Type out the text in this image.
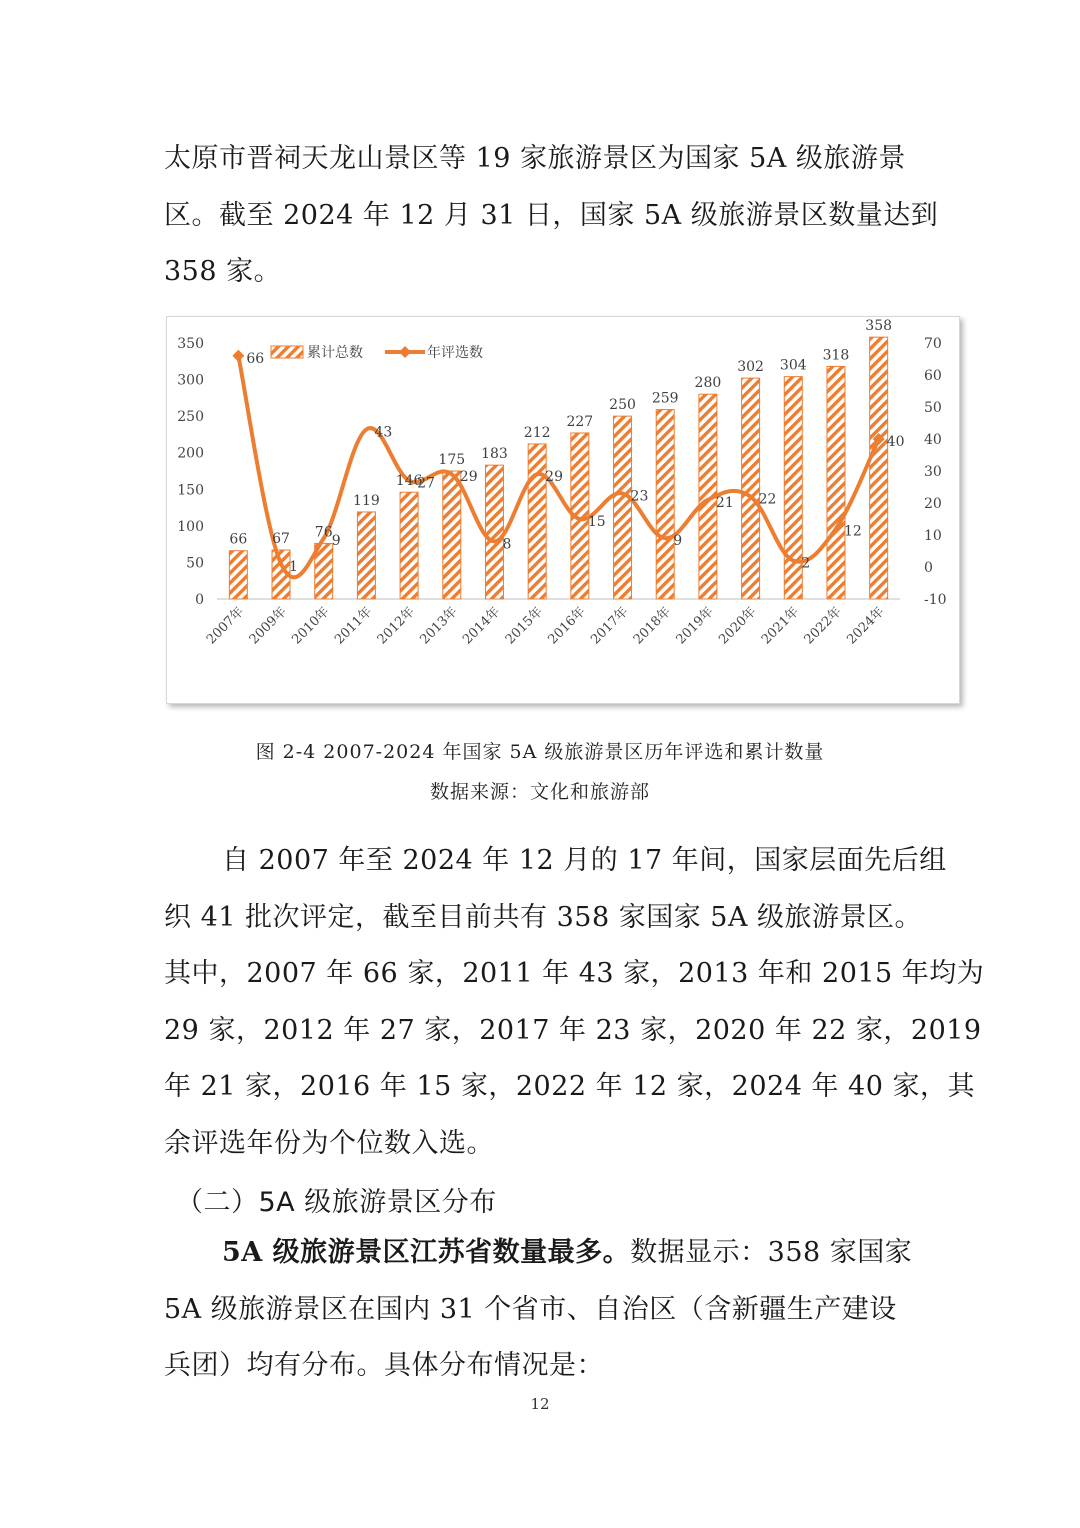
太原市晋祠天龙山景区等 19 家旅游景区为国家 5A 级旅游景
区。截至 2024 年 12 月 31 日，国家 5A 级旅游景区数量达到
358 家。
0
50
100
150
200
250
300
350
-10
0
10
20
30
40
50
60
70
2007年 2009年 2010年 2011年 2012年 2013年 2014年 2015年 2016年 2017年 2018年 2019年 2020年 2021年 2022年 2024年
66 67 76
119
146
175 183
212
227
250 259
280
302 304
318
358
66
1
9
43
27 29
8
29
15
23
9
21 22
2
12
40
累计总数	年评选数
图 2-4 2007-2024 年国家 5A 级旅游景区历年评选和累计数量
数据来源：文化和旅游部
自 2007 年至 2024 年 12 月的 17 年间，国家层面先后组
织 41 批次评定，截至目前共有 358 家国家 5A 级旅游景区。
其中，2007 年 66 家，2011 年 43 家，2013 年和 2015 年均为
29 家，2012 年 27 家，2017 年 23 家，2020 年 22 家，2019
年 21 家，2016 年 15 家，2022 年 12 家，2024 年 40 家，其
余评选年份为个位数入选。
（二）5A 级旅游景区分布
5A 级旅游景区江苏省数量最多。数据显示：358 家国家
5A 级旅游景区在国内 31 个省市、自治区（含新疆生产建设
兵团）均有分布。具体分布情况是：
12
